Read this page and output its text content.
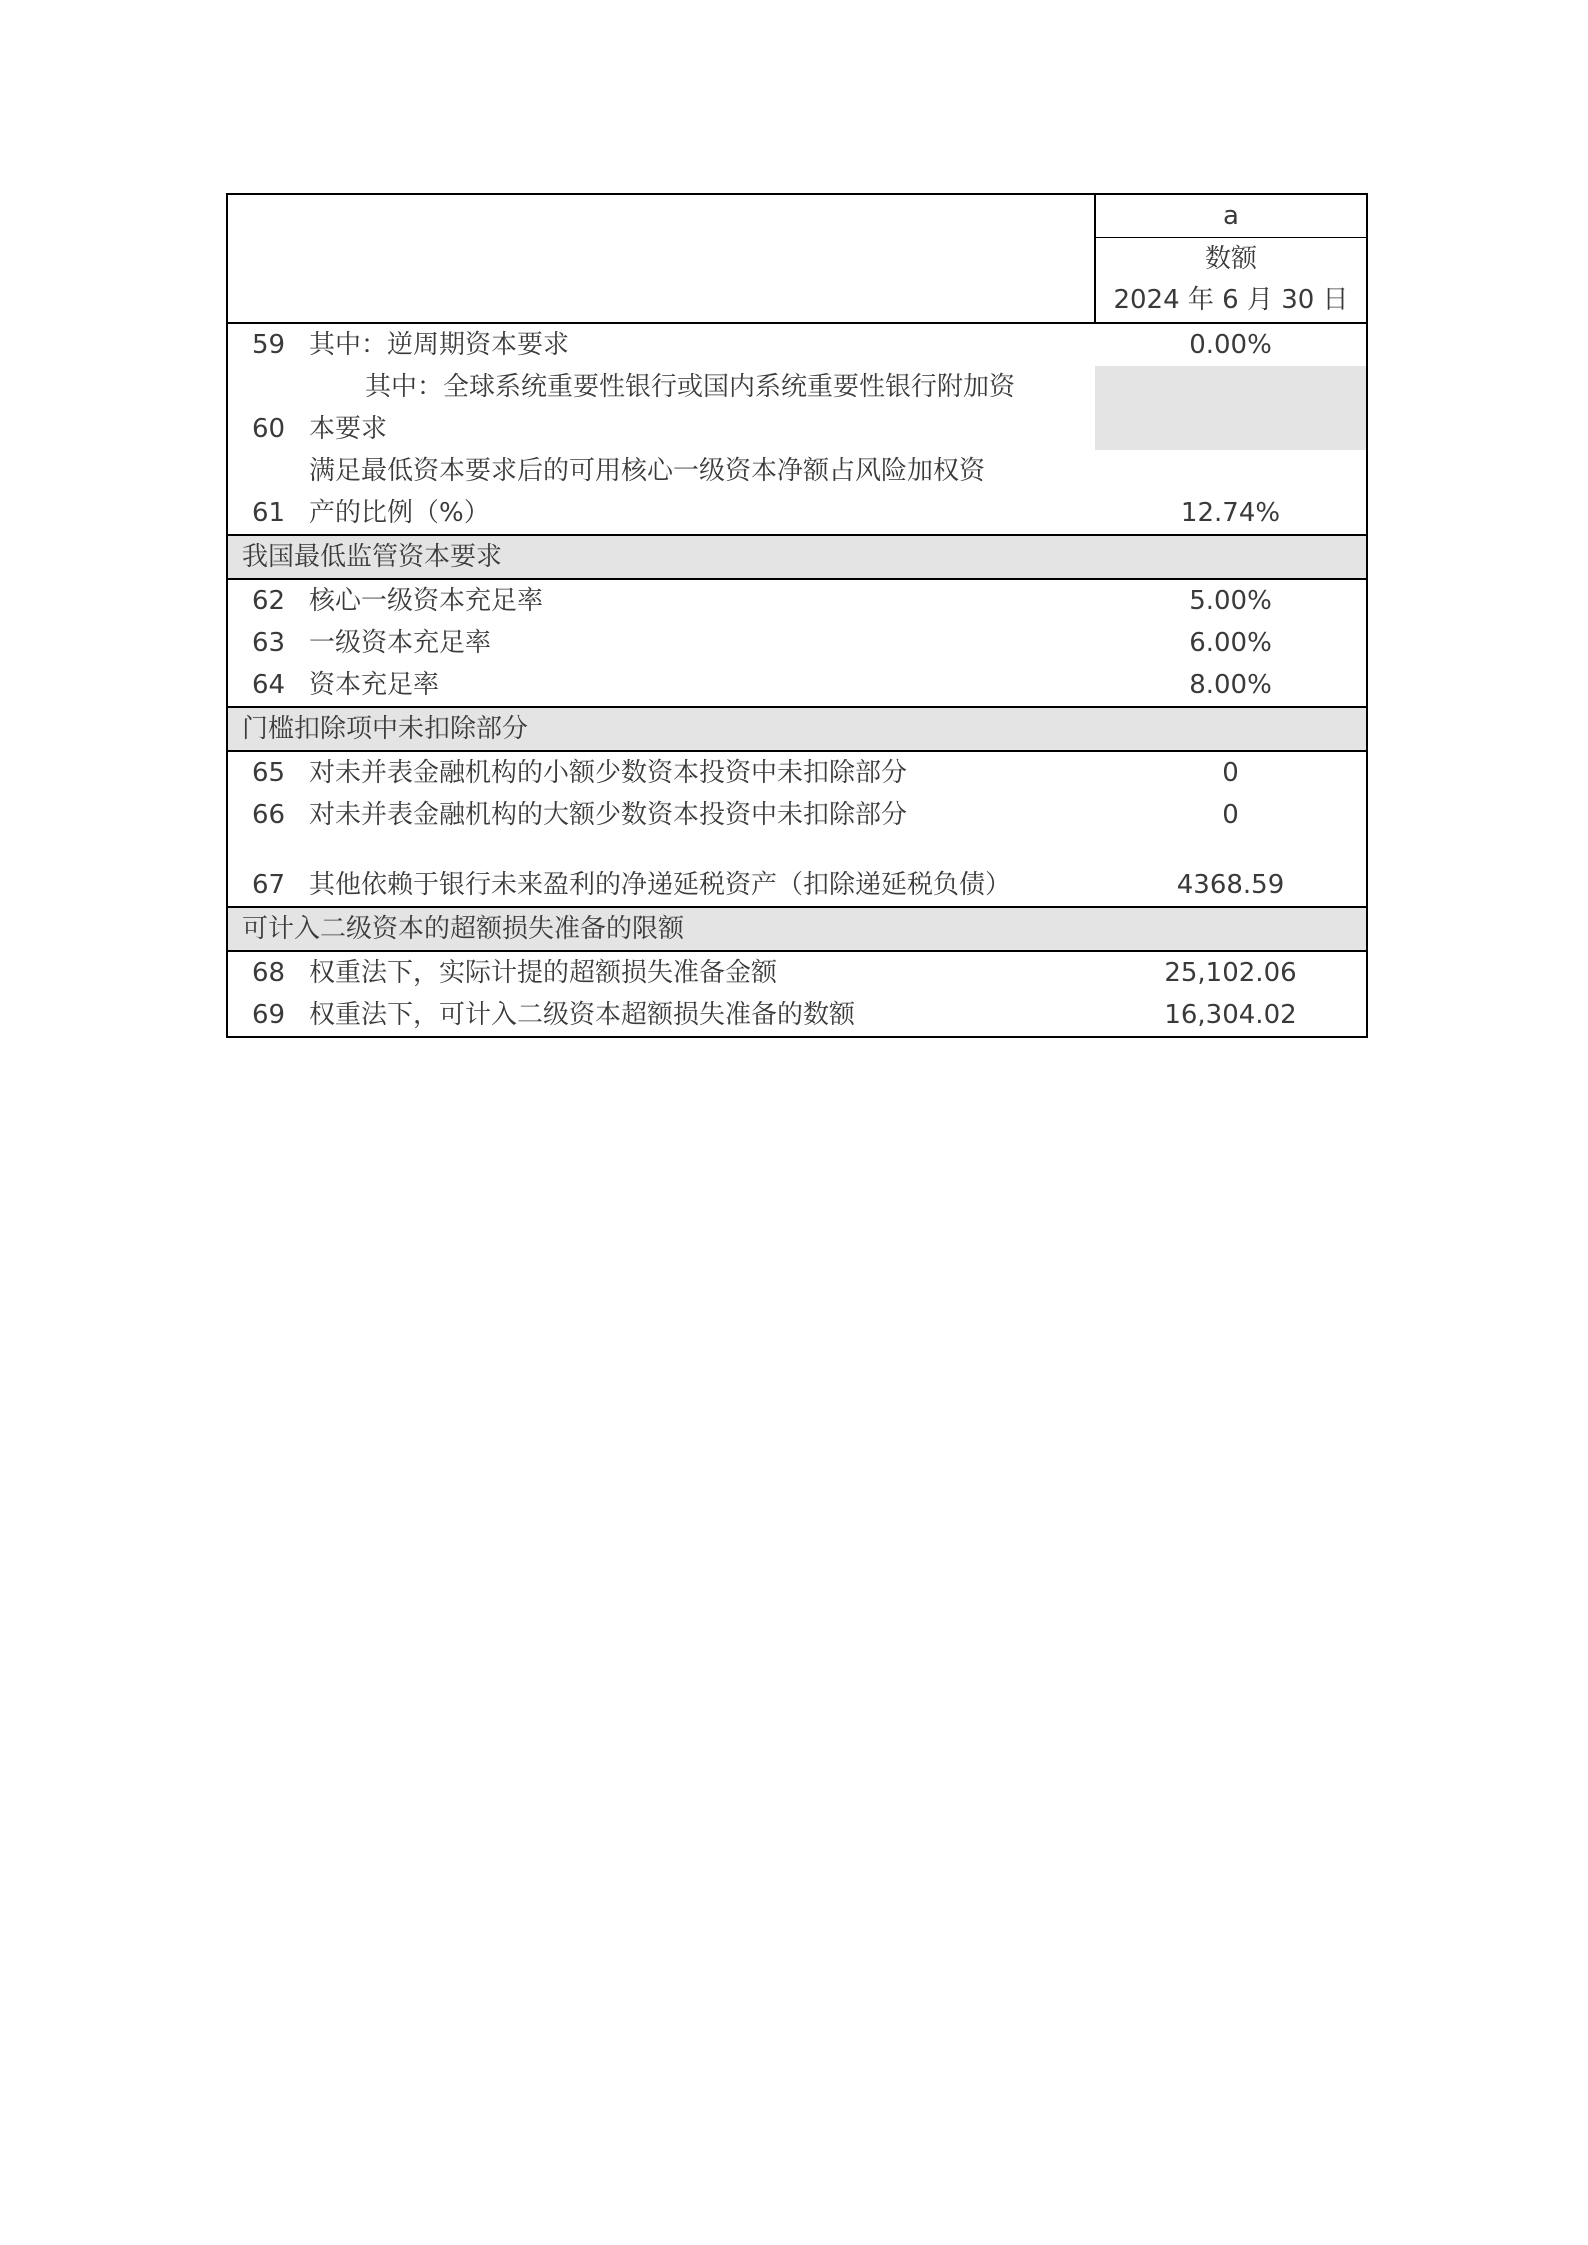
		a

		数额
2024 年 6 月 30 日

59	其中：逆周期资本要求	0.00%
60	其中：全球系统重要性银行或国内系统重要性银行附加资
本要求	

61	满足最低资本要求后的可用核心一级资本净额占风险加权资
产的比例（%）	12.74%
我国最低监管资本要求		
62	核心一级资本充足率	5.00%
63	一级资本充足率	6.00%
64	资本充足率	8.00%
门槛扣除项中未扣除部分		
65	对未并表金融机构的小额少数资本投资中未扣除部分	0
66	对未并表金融机构的大额少数资本投资中未扣除部分	0

67	其他依赖于银行未来盈利的净递延税资产（扣除递延税负债）	4368.59
可计入二级资本的超额损失准备的限额		
68	权重法下，实际计提的超额损失准备金额	25,102.06
69	权重法下，可计入二级资本超额损失准备的数额	16,304.02
